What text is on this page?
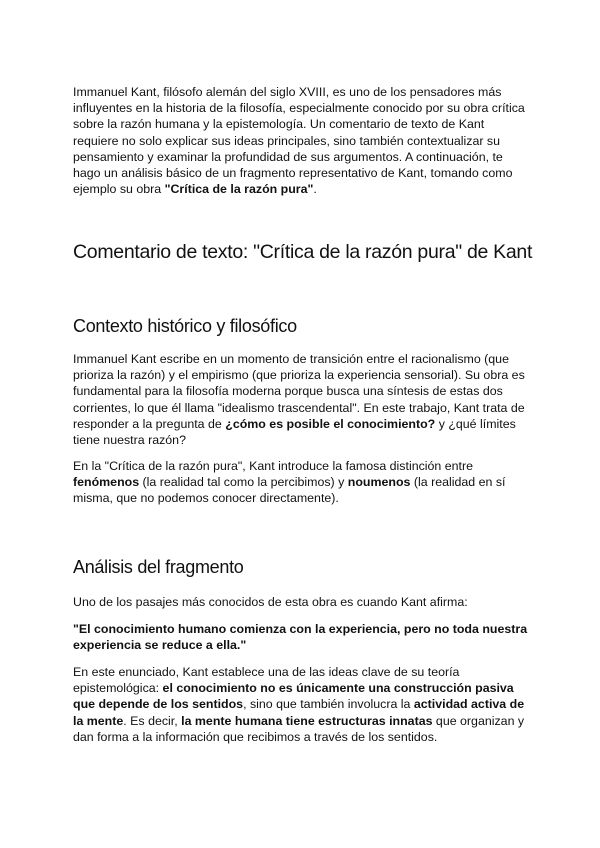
Immanuel Kant, filósofo alemán del siglo XVIII, es uno de los pensadores más influyentes en la historia de la filosofía, especialmente conocido por su obra crítica sobre la razón humana y la epistemología. Un comentario de texto de Kant requiere no solo explicar sus ideas principales, sino también contextualizar su pensamiento y examinar la profundidad de sus argumentos. A continuación, te hago un análisis básico de un fragmento representativo de Kant, tomando como ejemplo su obra "Crítica de la razón pura".

Comentario de texto: "Crítica de la razón pura" de Kant
Contexto histórico y filosófico

Immanuel Kant escribe en un momento de transición entre el racionalismo (que prioriza la razón) y el empirismo (que prioriza la experiencia sensorial). Su obra es fundamental para la filosofía moderna porque busca una síntesis de estas dos corrientes, lo que él llama "idealismo trascendental". En este trabajo, Kant trata de responder a la pregunta de ¿cómo es posible el conocimiento? y ¿qué límites tiene nuestra razón?

En la "Crítica de la razón pura", Kant introduce la famosa distinción entre fenómenos (la realidad tal como la percibimos) y noumenos (la realidad en sí misma, que no podemos conocer directamente).

Análisis del fragmento

Uno de los pasajes más conocidos de esta obra es cuando Kant afirma:

"El conocimiento humano comienza con la experiencia, pero no toda nuestra experiencia se reduce a ella."

En este enunciado, Kant establece una de las ideas clave de su teoría epistemológica: el conocimiento no es únicamente una construcción pasiva que depende de los sentidos, sino que también involucra la actividad activa de la mente. Es decir, la mente humana tiene estructuras innatas que organizan y dan forma a la información que recibimos a través de los sentidos.
